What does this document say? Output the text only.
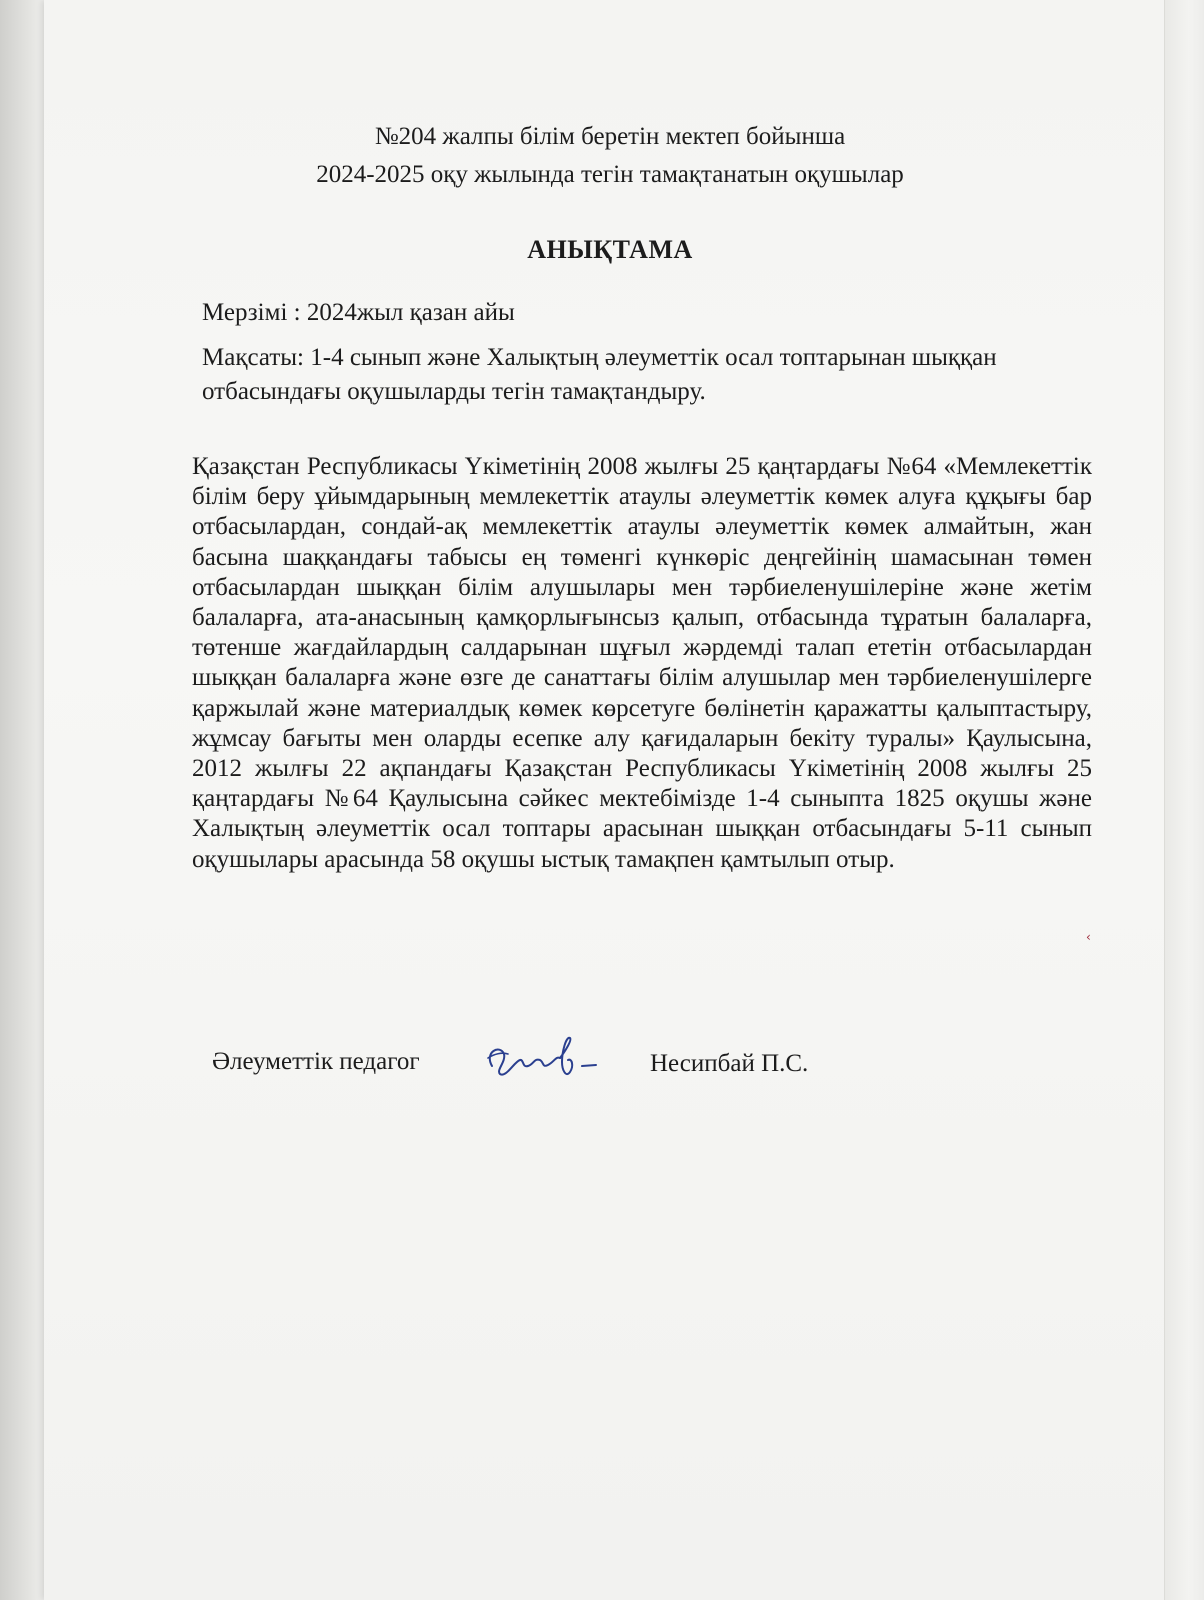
№204 жалпы білім беретін мектеп бойынша
2024-2025 оқу жылында тегін тамақтанатын оқушылар
АНЫҚТАМА
Мерзімі : 2024жыл қазан айы
Мақсаты: 1-4 сынып және Халықтың әлеуметтік осал топтарынан шыққан
отбасындағы оқушыларды тегін тамақтандыру.
Қазақстан Республикасы Үкіметінің 2008 жылғы 25 қаңтардағы №64 «Мемлекеттік білім беру ұйымдарының мемлекеттік атаулы әлеуметтік көмек алуға құқығы бар отбасылардан, сондай-ақ мемлекеттік атаулы әлеуметтік көмек алмайтын, жан басына шаққандағы табысы ең төменгі күнкөріс деңгейінің шамасынан төмен отбасылардан шыққан білім алушылары мен тәрбиеленушілеріне және жетім балаларға, ата-анасының қамқорлығынсыз қалып, отбасында тұратын балаларға, төтенше жағдайлардың салдарынан шұғыл жәрдемді талап ететін отбасылардан шыққан балаларға және өзге де санаттағы білім алушылар мен тәрбиеленушілерге қаржылай және материалдық көмек көрсетуге бөлінетін қаражатты қалыптастыру, жұмсау бағыты мен оларды есепке алу қағидаларын бекіту туралы» Қаулысына, 2012 жылғы 22 ақпандағы Қазақстан Республикасы Үкіметінің 2008 жылғы 25 қаңтардағы №64 Қаулысына сәйкес мектебімізде 1-4 сыныпта 1825 оқушы және Халықтың әлеуметтік осал топтары арасынан шыққан отбасындағы 5-11 сынып оқушылары арасында 58 оқушы ыстық тамақпен қамтылып отыр.
‹
Әлеуметтік педагог	Несипбай П.С.
